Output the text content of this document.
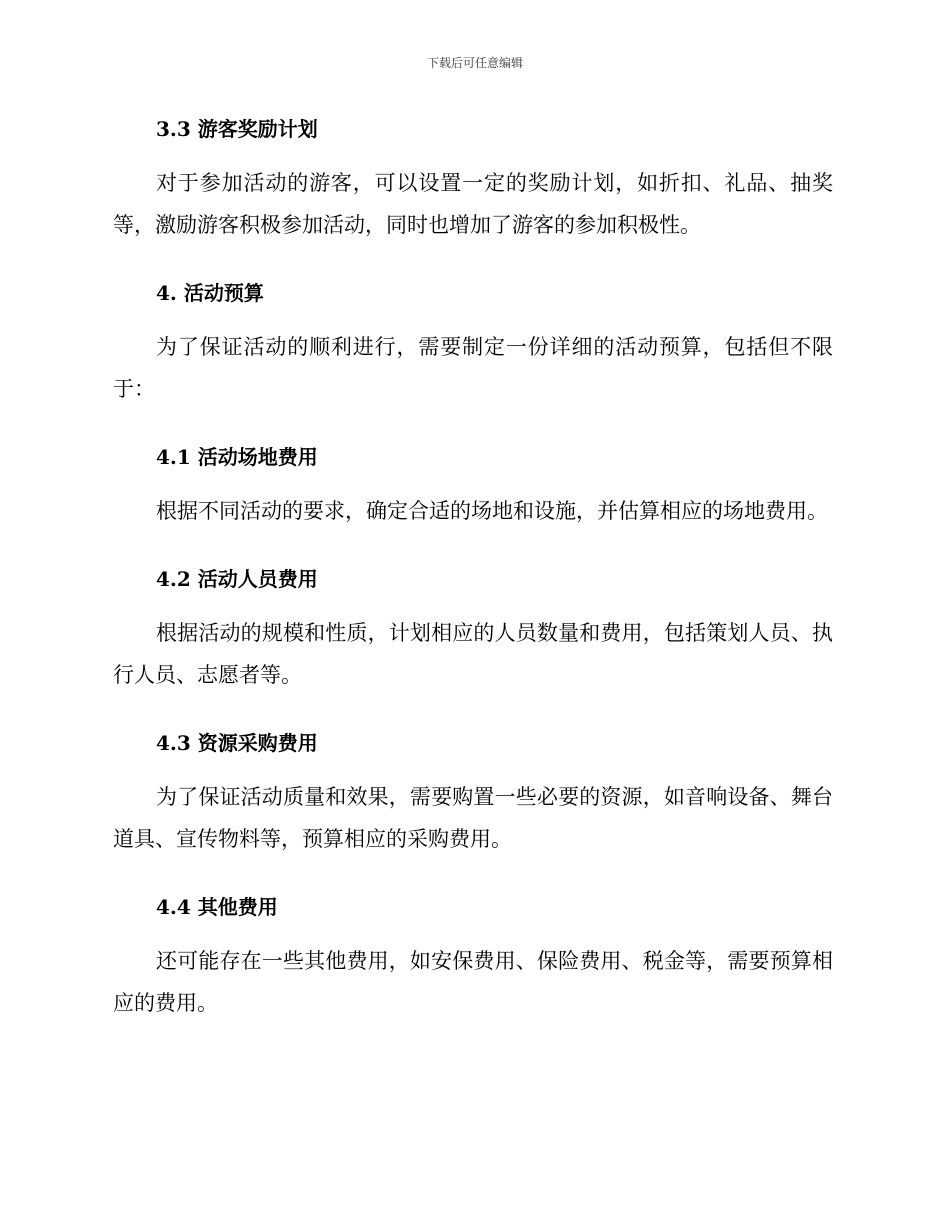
下载后可任意编辑
3.3 游客奖励计划

对于参加活动的游客，可以设置一定的奖励计划，如折扣、礼品、抽奖等，激励游客积极参加活动，同时也增加了游客的参加积极性。

4. 活动预算

为了保证活动的顺利进行，需要制定一份详细的活动预算，包括但不限于：

4.1 活动场地费用

根据不同活动的要求，确定合适的场地和设施，并估算相应的场地费用。

4.2 活动人员费用

根据活动的规模和性质，计划相应的人员数量和费用，包括策划人员、执行人员、志愿者等。

4.3 资源采购费用

为了保证活动质量和效果，需要购置一些必要的资源，如音响设备、舞台道具、宣传物料等，预算相应的采购费用。

4.4 其他费用

还可能存在一些其他费用，如安保费用、保险费用、税金等，需要预算相应的费用。
